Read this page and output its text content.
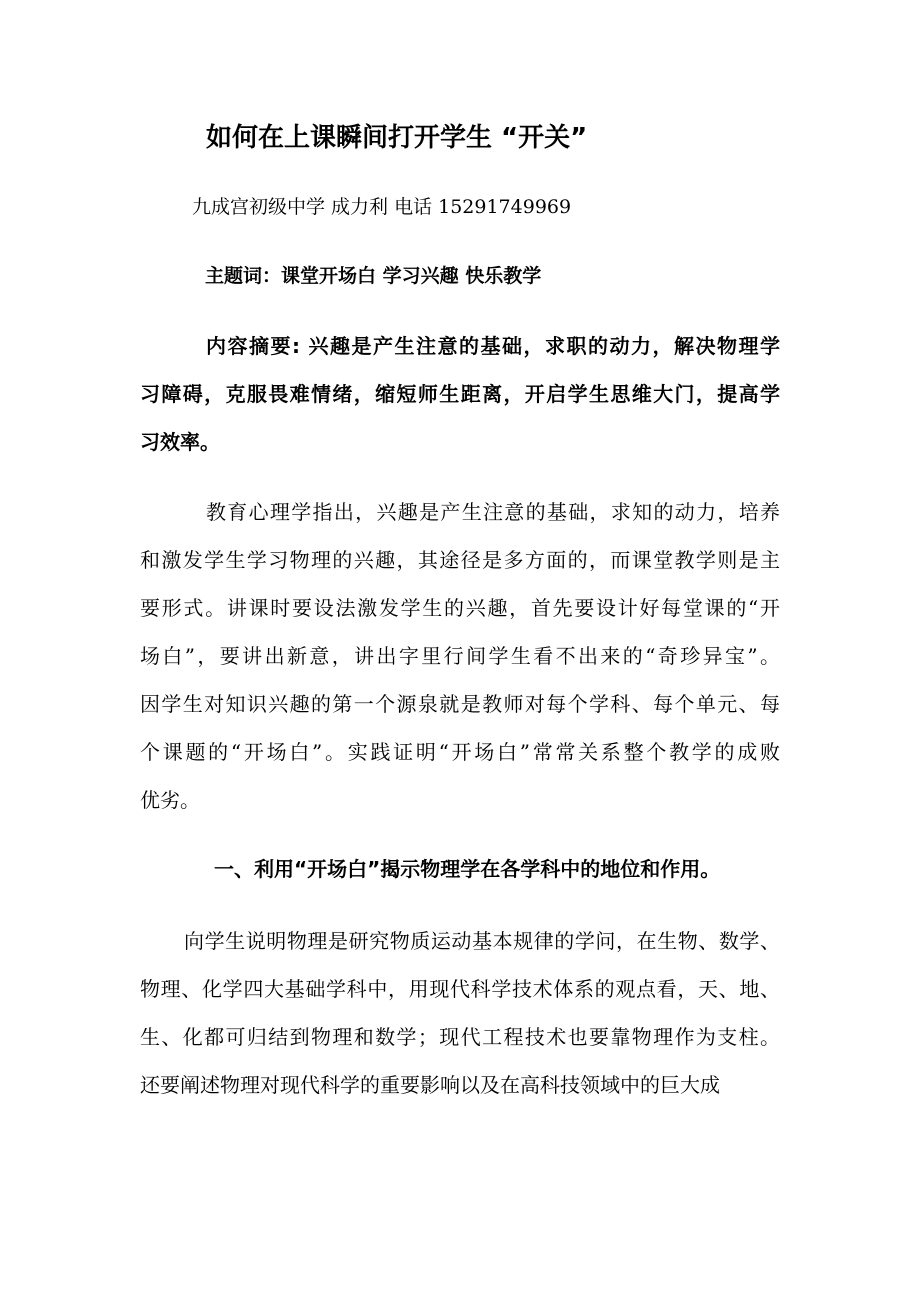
如何在上课瞬间打开学生 “开关”
九成宫初级中学 成力利 电话 15291749969
主题词：课堂开场白 学习兴趣 快乐教学
内容摘要: 兴趣是产生注意的基础，求职的动力，解决物理学
习障碍，克服畏难情绪，缩短师生距离，开启学生思维大门，提高学
习效率。
教育心理学指出，兴趣是产生注意的基础，求知的动力，培养
和激发学生学习物理的兴趣，其途径是多方面的，而课堂教学则是主
要形式。讲课时要设法激发学生的兴趣，首先要设计好每堂课的“开
场白”，要讲出新意，讲出字里行间学生看不出来的“奇珍异宝”。
因学生对知识兴趣的第一个源泉就是教师对每个学科、每个单元、每
个课题的“开场白”。实践证明“开场白”常常关系整个教学的成败
优劣。
一、利用“开场白”揭示物理学在各学科中的地位和作用。
向学生说明物理是研究物质运动基本规律的学问，在生物、数学、
物理、化学四大基础学科中，用现代科学技术体系的观点看，天、地、
生、化都可归结到物理和数学；现代工程技术也要靠物理作为支柱。
还要阐述物理对现代科学的重要影响以及在高科技领域中的巨大成
